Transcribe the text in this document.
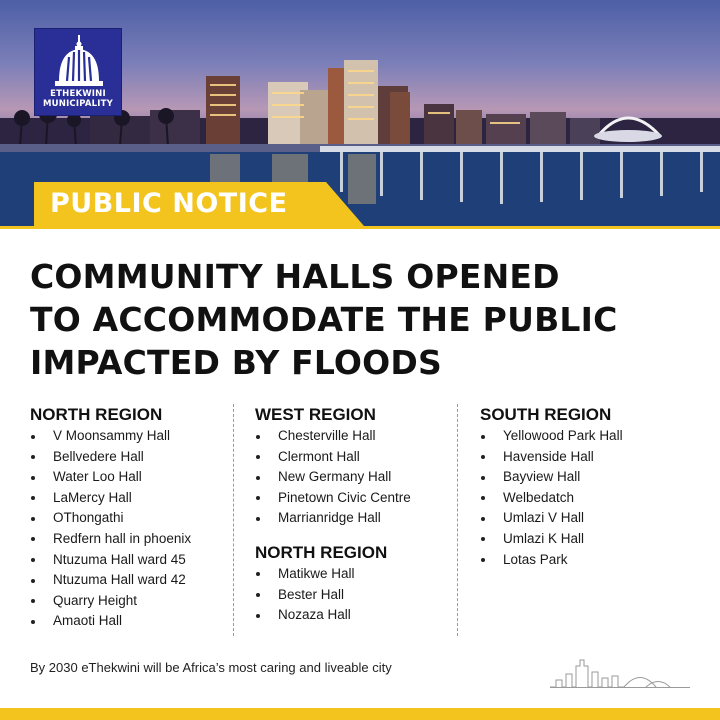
ETHEKWINI
MUNICIPALITY
PUBLIC NOTICE
COMMUNITY HALLS OPENED
TO ACCOMMODATE THE PUBLIC
IMPACTED BY FLOODS
NORTH REGION
V Moonsammy Hall
Bellvedere Hall
Water Loo Hall
LaMercy Hall
OThongathi
Redfern hall in phoenix
Ntuzuma Hall ward 45
Ntuzuma Hall ward 42
Quarry Height
Amaoti Hall
WEST REGION
Chesterville Hall
Clermont Hall
New Germany Hall
Pinetown Civic Centre
Marrianridge Hall
NORTH REGION
Matikwe Hall
Bester Hall
Nozaza Hall
SOUTH REGION
Yellowood Park Hall
Havenside Hall
Bayview Hall
Welbedatch
Umlazi V Hall
Umlazi K Hall
Lotas Park
By 2030 eThekwini will be Africa’s most caring and liveable city
